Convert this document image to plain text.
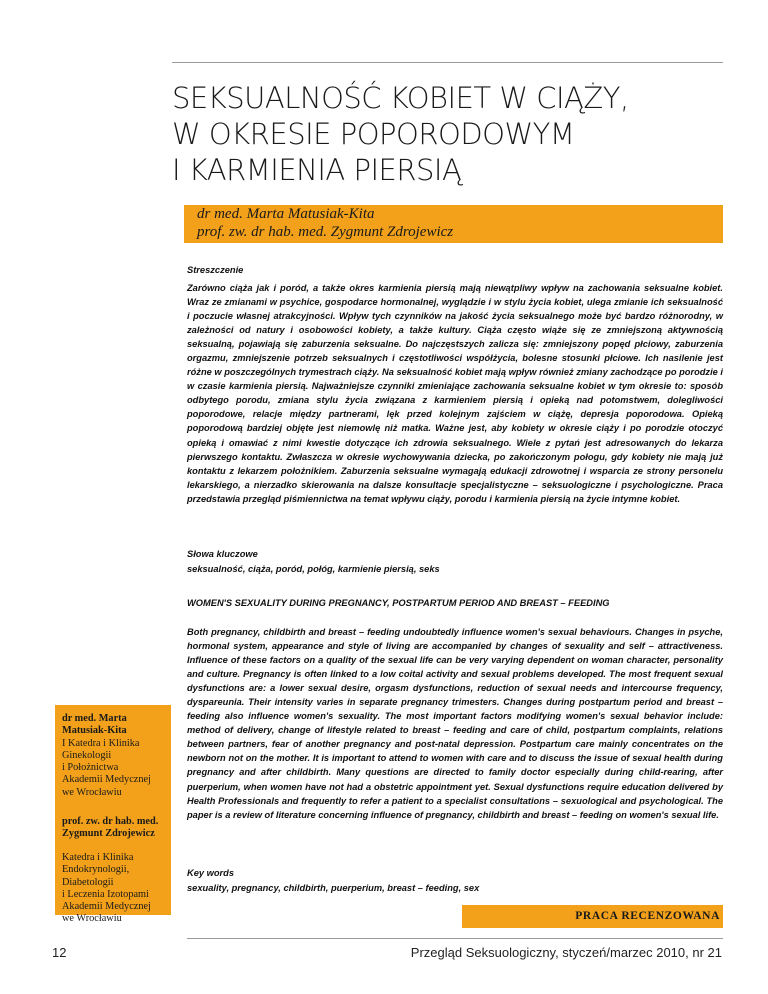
SEKSUALNOŚĆ KOBIET W CIĄŻY,
W OKRESIE POPORODOWYM
I KARMIENIA PIERSIĄ
dr med. Marta Matusiak-Kita
prof. zw. dr hab. med. Zygmunt Zdrojewicz

Streszczenie

Zarówno ciąża jak i poród, a także okres karmienia piersią mają niewątpliwy wpływ na zachowania seksualne kobiet. Wraz ze zmianami w psychice, gospodarce hormonalnej, wyglądzie i w stylu życia kobiet, ulega zmianie ich seksualność i poczucie własnej atrakcyjności. Wpływ tych czynników na jakość życia seksualnego może być bardzo różnorodny, w zależności od natury i osobowości kobiety, a także kultury. Ciąża często wiąże się ze zmniejszoną aktywnością seksualną, pojawiają się zaburzenia seksualne. Do najczęstszych zalicza się: zmniejszony popęd płciowy, zaburzenia orgazmu, zmniejszenie potrzeb seksualnych i częstotliwości współżycia, bolesne stosunki płciowe. Ich nasilenie jest różne w poszczególnych trymestrach ciąży. Na seksualność kobiet mają wpływ również zmiany zachodzące po porodzie i w czasie karmienia piersią. Najważniejsze czynniki zmieniające zachowania seksualne kobiet w tym okresie to: sposób odbytego porodu, zmiana stylu życia związana z karmieniem piersią i opieką nad potomstwem, dolegliwości poporodowe, relacje między partnerami, lęk przed kolejnym zajściem w ciążę, depresja poporodowa. Opieką poporodową bardziej objęte jest niemowlę niż matka. Ważne jest, aby kobiety w okresie ciąży i po porodzie otoczyć opieką i omawiać z nimi kwestie dotyczące ich zdrowia seksualnego. Wiele z pytań jest adresowanych do lekarza pierwszego kontaktu. Zwłaszcza w okresie wychowywania dziecka, po zakończonym połogu, gdy kobiety nie mają już kontaktu z lekarzem położnikiem. Zaburzenia seksualne wymagają edukacji zdrowotnej i wsparcia ze strony personelu lekarskiego, a nierzadko skierowania na dalsze konsultacje specjalistyczne – seksuologiczne i psychologiczne. Praca przedstawia przegląd piśmiennictwa na temat wpływu ciąży, porodu i karmienia piersią na życie intymne kobiet.

Słowa kluczowe

seksualność, ciąża, poród, połóg, karmienie piersią, seks

WOMEN'S SEXUALITY DURING PREGNANCY, POSTPARTUM PERIOD AND BREAST – FEEDING

Both pregnancy, childbirth and breast – feeding undoubtedly influence women's sexual behaviours. Changes in psyche, hormonal system, appearance and style of living are accompanied by changes of sexuality and self – attractiveness. Influence of these factors on a quality of the sexual life can be very varying dependent on woman character, personality and culture. Pregnancy is often linked to a low coital activity and sexual problems developed. The most frequent sexual dysfunctions are: a lower sexual desire, orgasm dysfunctions, reduction of sexual needs and intercourse frequency, dyspareunia. Their intensity varies in separate pregnancy trimesters. Changes during postpartum period and breast – feeding also influence women's sexuality. The most important factors modifying women's sexual behavior include: method of delivery, change of lifestyle related to breast – feeding and care of child, postpartum complaints, relations between partners, fear of another pregnancy and post-natal depression. Postpartum care mainly concentrates on the newborn not on the mother. It is important to attend to women with care and to discuss the issue of sexual health during pregnancy and after childbirth. Many questions are directed to family doctor especially during child-rearing, after puerperium, when women have not had a obstetric appointment yet. Sexual dysfunctions require education delivered by Health Professionals and frequently to refer a patient to a specialist consultations – sexuological and psychological. The paper is a review of literature concerning influence of pregnancy, childbirth and breast – feeding on women's sexual life.

Key words

sexuality, pregnancy, childbirth, puerperium, breast – feeding, sex

dr med. Marta
Matusiak-Kita
I Katedra i Klinika
Ginekologii
i Położnictwa
Akademii Medycznej
we Wrocławiu
prof. zw. dr hab. med.
Zygmunt Zdrojewicz
Katedra i Klinika
Endokrynologii,
Diabetologii
i Leczenia Izotopami
Akademii Medycznej
we Wrocławiu	PRACA RECENZOWANA
12	Przegląd Seksuologiczny, styczeń/marzec 2010, nr 21
